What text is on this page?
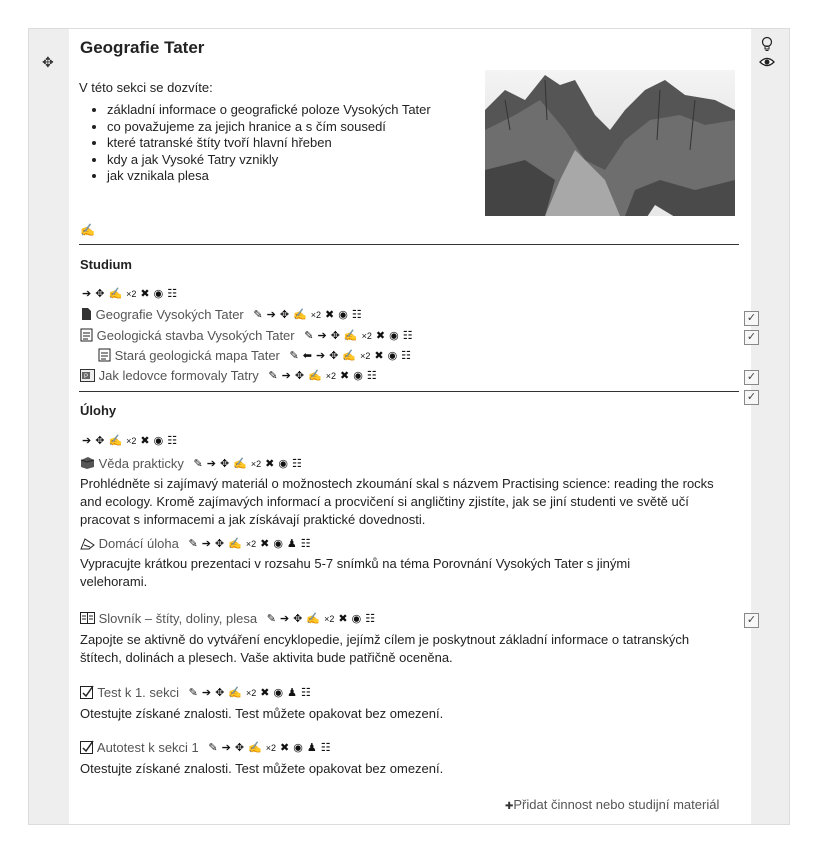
✥
Geografie Tater
V této sekci se dozvíte:
• základní informace o geografické poloze Vysokých Tater
• co považujeme za jejich hranice a s čím sousedí
• které tatranské štíty tvoří hlavní hřeben
• kdy a jak Vysoké Tatry vznikly
• jak vznikala plesa
✍
Studium
➔ ✥ ✍ ×2 ✖ ◉ ☷
Geografie Vysokých Tater ✎ ➔ ✥ ✍ ×2 ✖ ◉ ☷
Geologická stavba Vysokých Tater ✎ ➔ ✥ ✍ ×2 ✖ ◉ ☷
Stará geologická mapa Tater ✎ ⬅ ➔ ✥ ✍ ×2 ✖ ◉ ☷
P Jak ledovce formovaly Tatry ✎ ➔ ✥ ✍ ×2 ✖ ◉ ☷
✓
✓
✓
✓
✓
Úlohy
➔ ✥ ✍ ×2 ✖ ◉ ☷
Věda prakticky ✎ ➔ ✥ ✍ ×2 ✖ ◉ ☷
Prohlédněte si zajímavý materiál o možnostech zkoumání skal s názvem Practising science: reading the rocks and ecology. Kromě zajímavých informací a procvičení si angličtiny zjistíte, jak se jiní studenti ve světě učí pracovat s informacemi a jak získávají praktické dovednosti.
Domácí úloha ✎ ➔ ✥ ✍ ×2 ✖ ◉ ♟ ☷
Vypracujte krátkou prezentaci v rozsahu 5-7 snímků na téma Porovnání Vysokých Tater s jinými velehorami.
Slovník – štíty, doliny, plesa ✎ ➔ ✥ ✍ ×2 ✖ ◉ ☷
Zapojte se aktivně do vytváření encyklopedie, jejímž cílem je poskytnout základní informace o tatranských štítech, dolinách a plesech. Vaše aktivita bude patřičně oceněna.
Test k 1. sekci ✎ ➔ ✥ ✍ ×2 ✖ ◉ ♟ ☷
Otestujte získané znalosti. Test můžete opakovat bez omezení.
Autotest k sekci 1 ✎ ➔ ✥ ✍ ×2 ✖ ◉ ♟ ☷
Otestujte získané znalosti. Test můžete opakovat bez omezení.
✚Přidat činnost nebo studijní materiál
